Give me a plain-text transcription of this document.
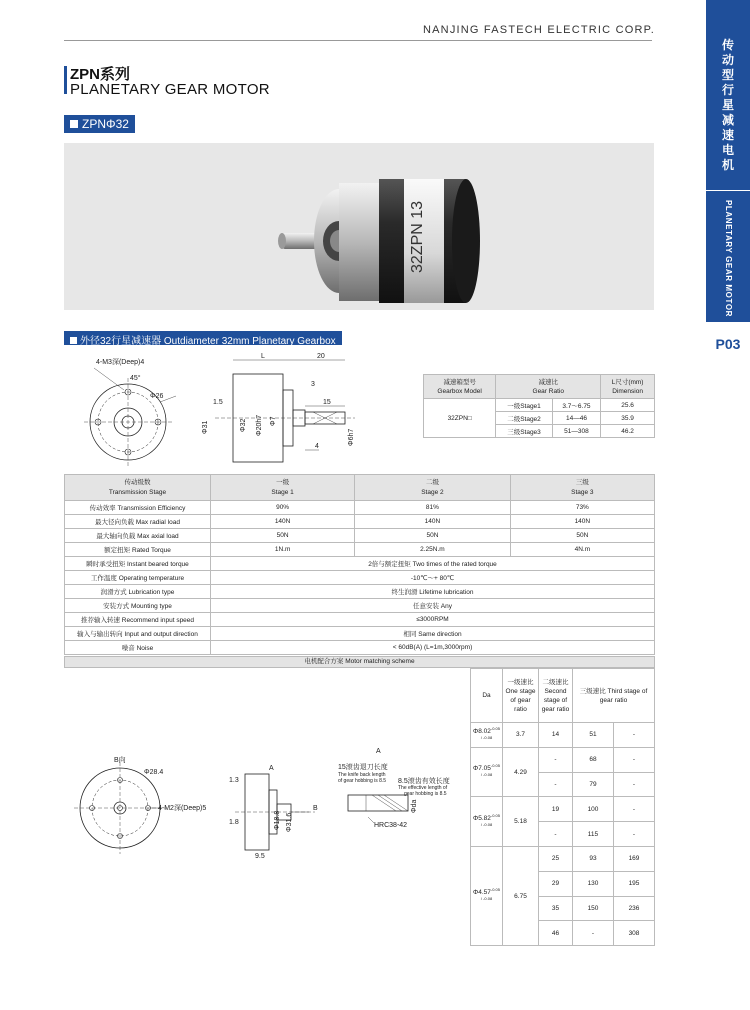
NANJING FASTECH ELECTRIC CORP.
传
动
型
行
星
减
速
电
机
PLANETARY GEAR MOTOR
P03
ZPN系列
PLANETARY GEAR MOTOR
ZPNΦ32
32ZPN 13
外径32行星减速器 Outdiameter 32mm Planetary Gearbox
4-M3深(Deep)4
45°
Φ26
L	20
3
15
1.5
Φ31	Φ32 Φ20h7 Φ7
4
Φ6h7
减速箱型号
Gearbox Model	减速比
Gear Ratio		L尺寸(mm)
Dimension
32ZPN□	一级Stage1	3.7～6.75	25.6
	二级Stage2	14—46	35.9
	三级Stage3	51—308	46.2
传动级数
Transmission Stage	一级
Stage 1	二级
Stage 2	三级
Stage 3
传动效率 Transmission Efficiency	90%	81%	73%
最大径向负载 Max radial load	140N	140N	140N
最大轴向负载 Max axial load	50N	50N	50N
额定扭矩 Rated Torque	1N.m	2.25N.m	4N.m
瞬时承受扭矩 Instant beared torque	2倍与额定扭矩 Two times of the rated torque		
工作温度 Operating temperature	-10℃～+ 80℃		
润滑方式 Lubrication type	终生润滑 Lifetime lubrication		
安装方式 Mounting type	任意安装 Any		
推荐输入转速 Recommend input speed	≤3000RPM		
输入与输出转向 Input and output direction	相同 Same direction		
噪音 Noise	< 60dB(A) (L=1m,3000rpm)		
电机配合方案 Motor matching scheme
B向
Φ28.4
4-M2深(Deep)5
A
1.3
1.8	Φ18.8 Φ31.6
9.5
B
A
15滚齿退刀长度
The knife back length
of gear hobbing is 8.5 8.5滚齿有效长度
The effective length of
gear hobbing is 8.5
Φda
HRC38-42
Da	一级速比 One stage of gear ratio	二级速比 Second stage of gear ratio	三级速比 Third stage of gear ratio	
$\Phi 8.02^{-0.05 / -0.08}$	3.7	14	51	-
$\Phi 7.05^{-0.05 / -0.08}$	4.29	-	68	-
		-	79	-
$\Phi 5.82^{-0.05 / -0.08}$	5.18	19	100	-
		-	115	-
$\Phi 4.57^{-0.05 / -0.08}$	6.75	25	93	169
		29	130	195
		35	150	236
		46	-	308
